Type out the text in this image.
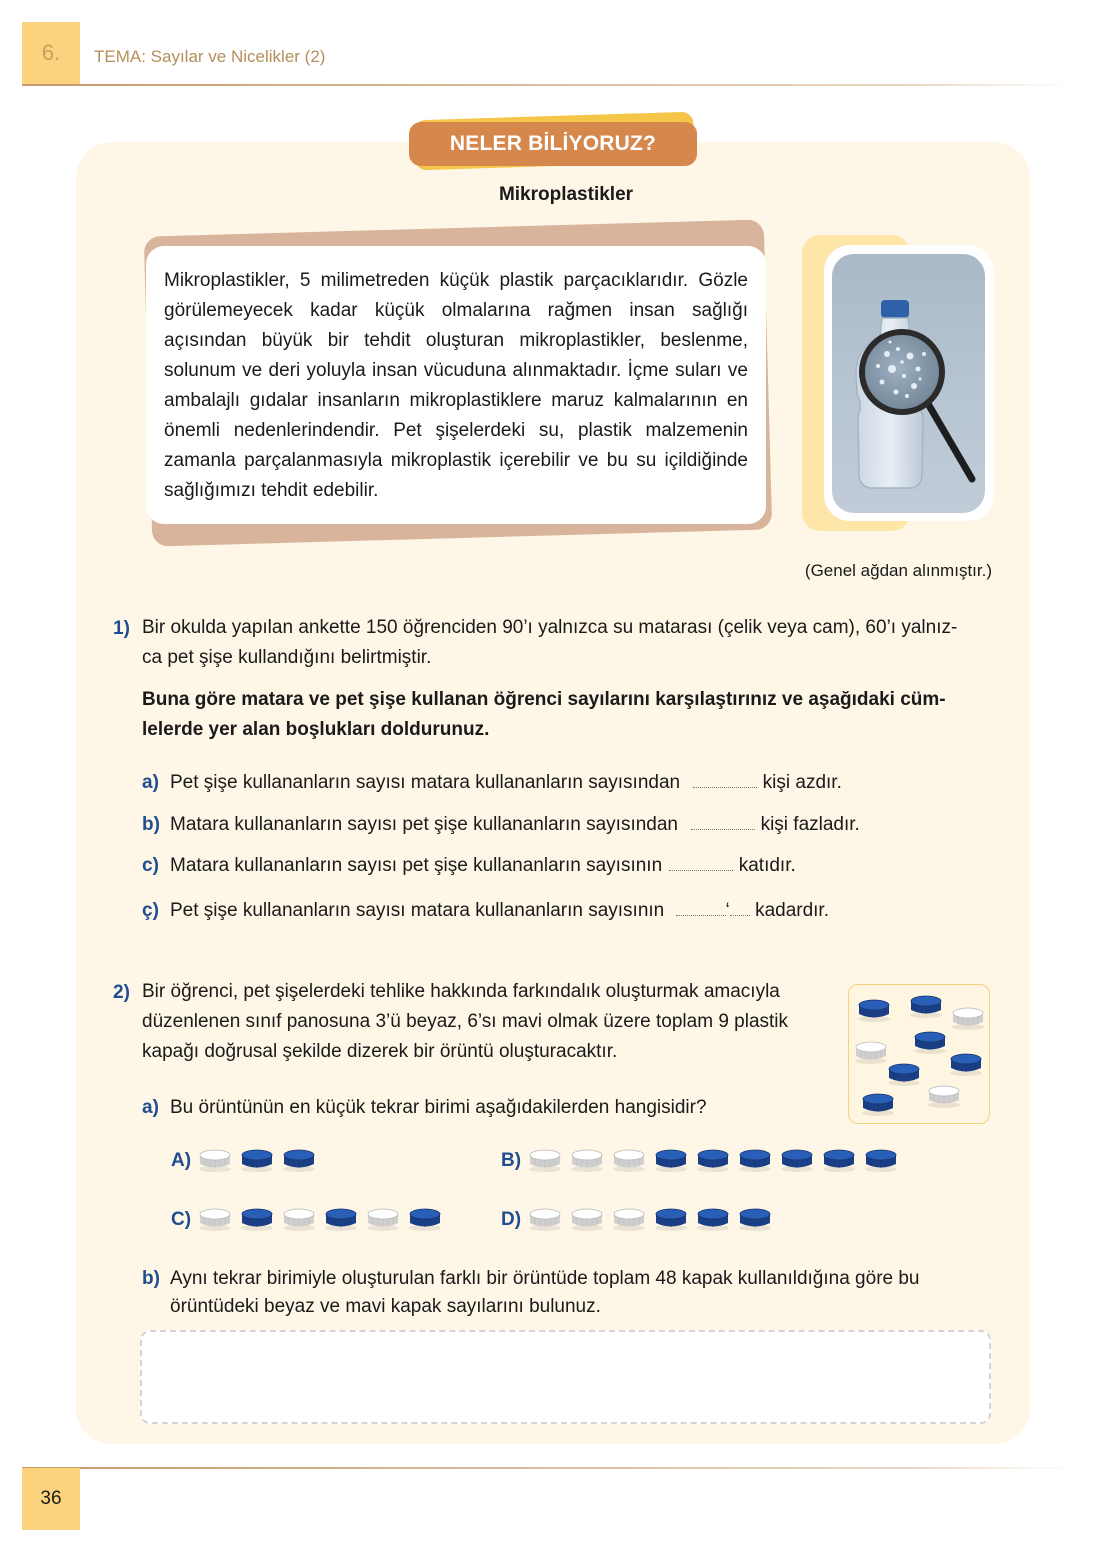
6.	TEMA: Sayılar ve Nicelikler (2)
NELER BİLİYORUZ?
Mikroplastikler

Mikroplastikler, 5 milimetreden küçük plastik parçacıklarıdır. Gözle görülemeyecek kadar küçük olmalarına rağmen insan sağlığı açısından büyük bir tehdit oluşturan mikroplastikler, beslenme, solunum ve deri yoluyla insan vücuduna alınmaktadır. İçme suları ve ambalajlı gıdalar insanların mikroplastiklere maruz kalmalarının en önemli nedenlerindendir. Pet şişelerdeki su, plastik malzemenin zamanla parçalanmasıyla mikroplastik içerebilir ve bu su içildiğinde sağlığımızı tehdit edebilir.

(Genel ağdan alınmıştır.)
1) Bir okulda yapılan ankette 150 öğrenciden 90’ı yalnızca su matarası (çelik veya cam), 60’ı yalnız-
ca pet şişe kullandığını belirtmiştir.
Buna göre matara ve pet şişe kullanan öğrenci sayılarını karşılaştırınız ve aşağıdaki cüm-
lelerde yer alan boşlukları doldurunuz.
a) Pet şişe kullananların sayısı matara kullananların sayısından	kişi azdır.
b) Matara kullananların sayısı pet şişe kullananların sayısından	kişi fazladır.
c) Matara kullananların sayısı pet şişe kullananların sayısının	katıdır.
ç) Pet şişe kullananların sayısı matara kullananların sayısının	‘ kadardır.
2) Bir öğrenci, pet şişelerdeki tehlike hakkında farkındalık oluşturmak amacıyla
düzenlenen sınıf panosuna 3’ü beyaz, 6’sı mavi olmak üzere toplam 9 plastik
kapağı doğrusal şekilde dizerek bir örüntü oluşturacaktır.
a) Bu örüntünün en küçük tekrar birimi aşağıdakilerden hangisidir?
A)	B)
C)	D)
b) Aynı tekrar birimiyle oluşturulan farklı bir örüntüde toplam 48 kapak kullanıldığına göre bu
örüntüdeki beyaz ve mavi kapak sayılarını bulunuz.
36
